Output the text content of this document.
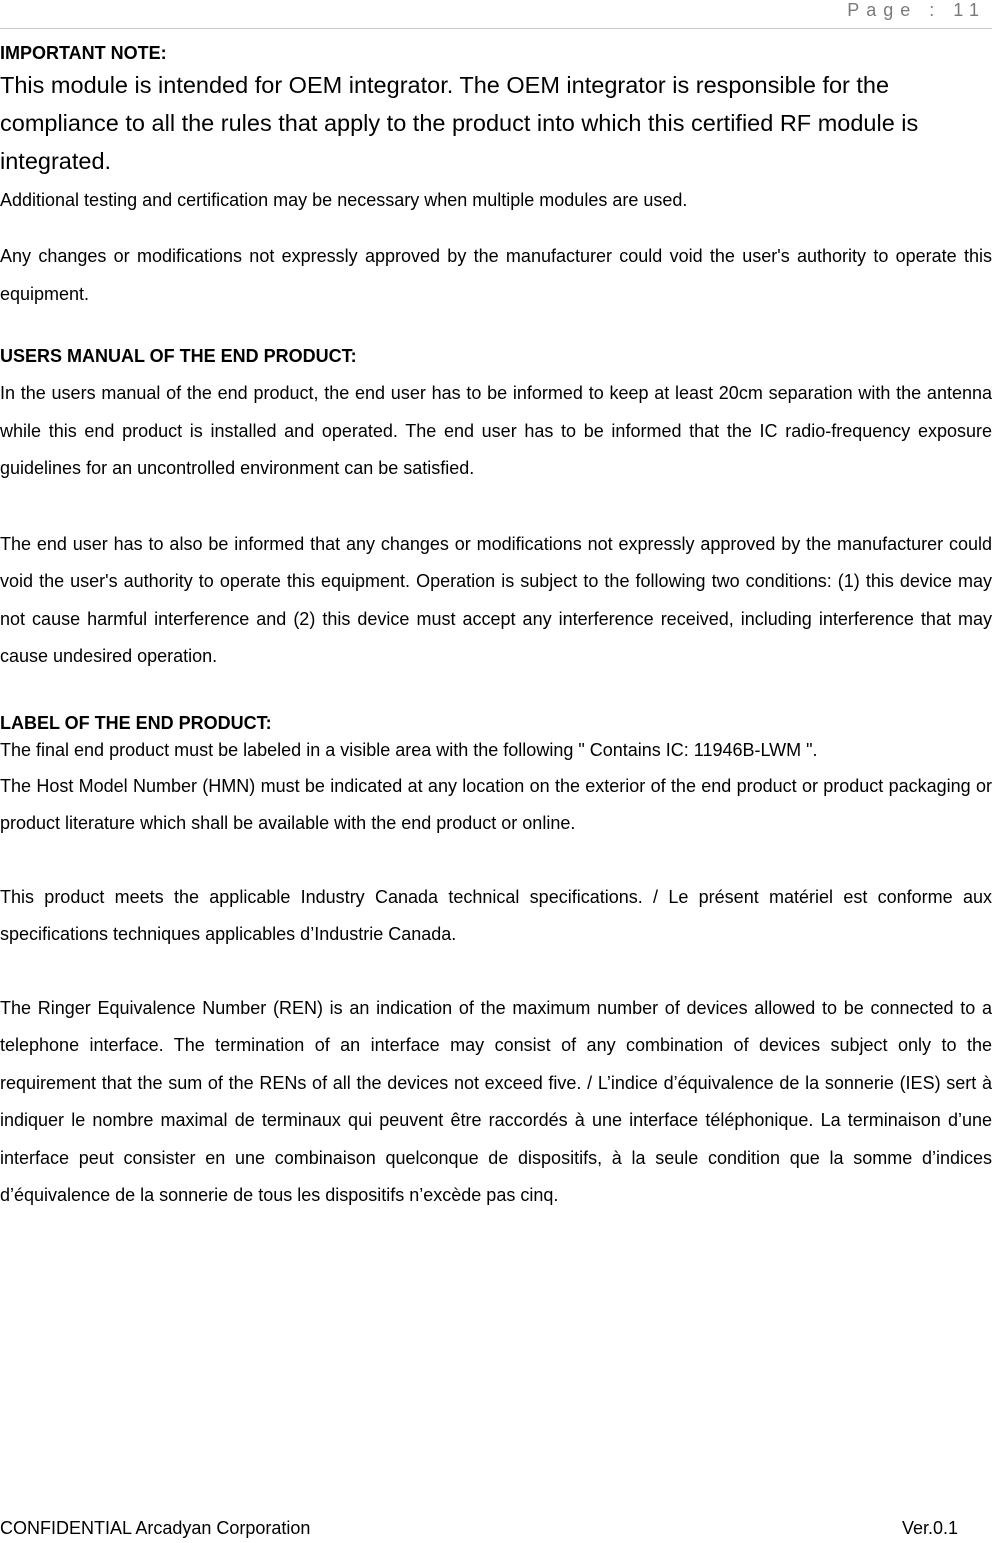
Page : 11

IMPORTANT NOTE:

This module is intended for OEM integrator. The OEM integrator is responsible for the compliance to all the rules that apply to the product into which this certified RF module is integrated.

Additional testing and certification may be necessary when multiple modules are used.

Any changes or modifications not expressly approved by the manufacturer could void the user's authority to operate this equipment.

USERS MANUAL OF THE END PRODUCT:

In the users manual of the end product, the end user has to be informed to keep at least 20cm separation with the antenna while this end product is installed and operated. The end user has to be informed that the IC radio-frequency exposure guidelines for an uncontrolled environment can be satisfied.

The end user has to also be informed that any changes or modifications not expressly approved by the manufacturer could void the user's authority to operate this equipment. Operation is subject to the following two conditions: (1) this device may not cause harmful interference and (2) this device must accept any interference received, including interference that may cause undesired operation.

LABEL OF THE END PRODUCT:

The final end product must be labeled in a visible area with the following " Contains IC: 11946B-LWM ".

The Host Model Number (HMN) must be indicated at any location on the exterior of the end product or product packaging or product literature which shall be available with the end product or online.

This product meets the applicable Industry Canada technical specifications. / Le présent matériel est conforme aux specifications techniques applicables d’Industrie Canada.

The Ringer Equivalence Number (REN) is an indication of the maximum number of devices allowed to be connected to a telephone interface. The termination of an interface may consist of any combination of devices subject only to the requirement that the sum of the RENs of all the devices not exceed five. / L’indice d’équivalence de la sonnerie (IES) sert à indiquer le nombre maximal de terminaux qui peuvent être raccordés à une interface téléphonique. La terminaison d’une interface peut consister en une combinaison quelconque de dispositifs, à la seule condition que la somme d’indices d’équivalence de la sonnerie de tous les dispositifs n’excède pas cinq.

CONFIDENTIAL Arcadyan Corporation	Ver.0.1
